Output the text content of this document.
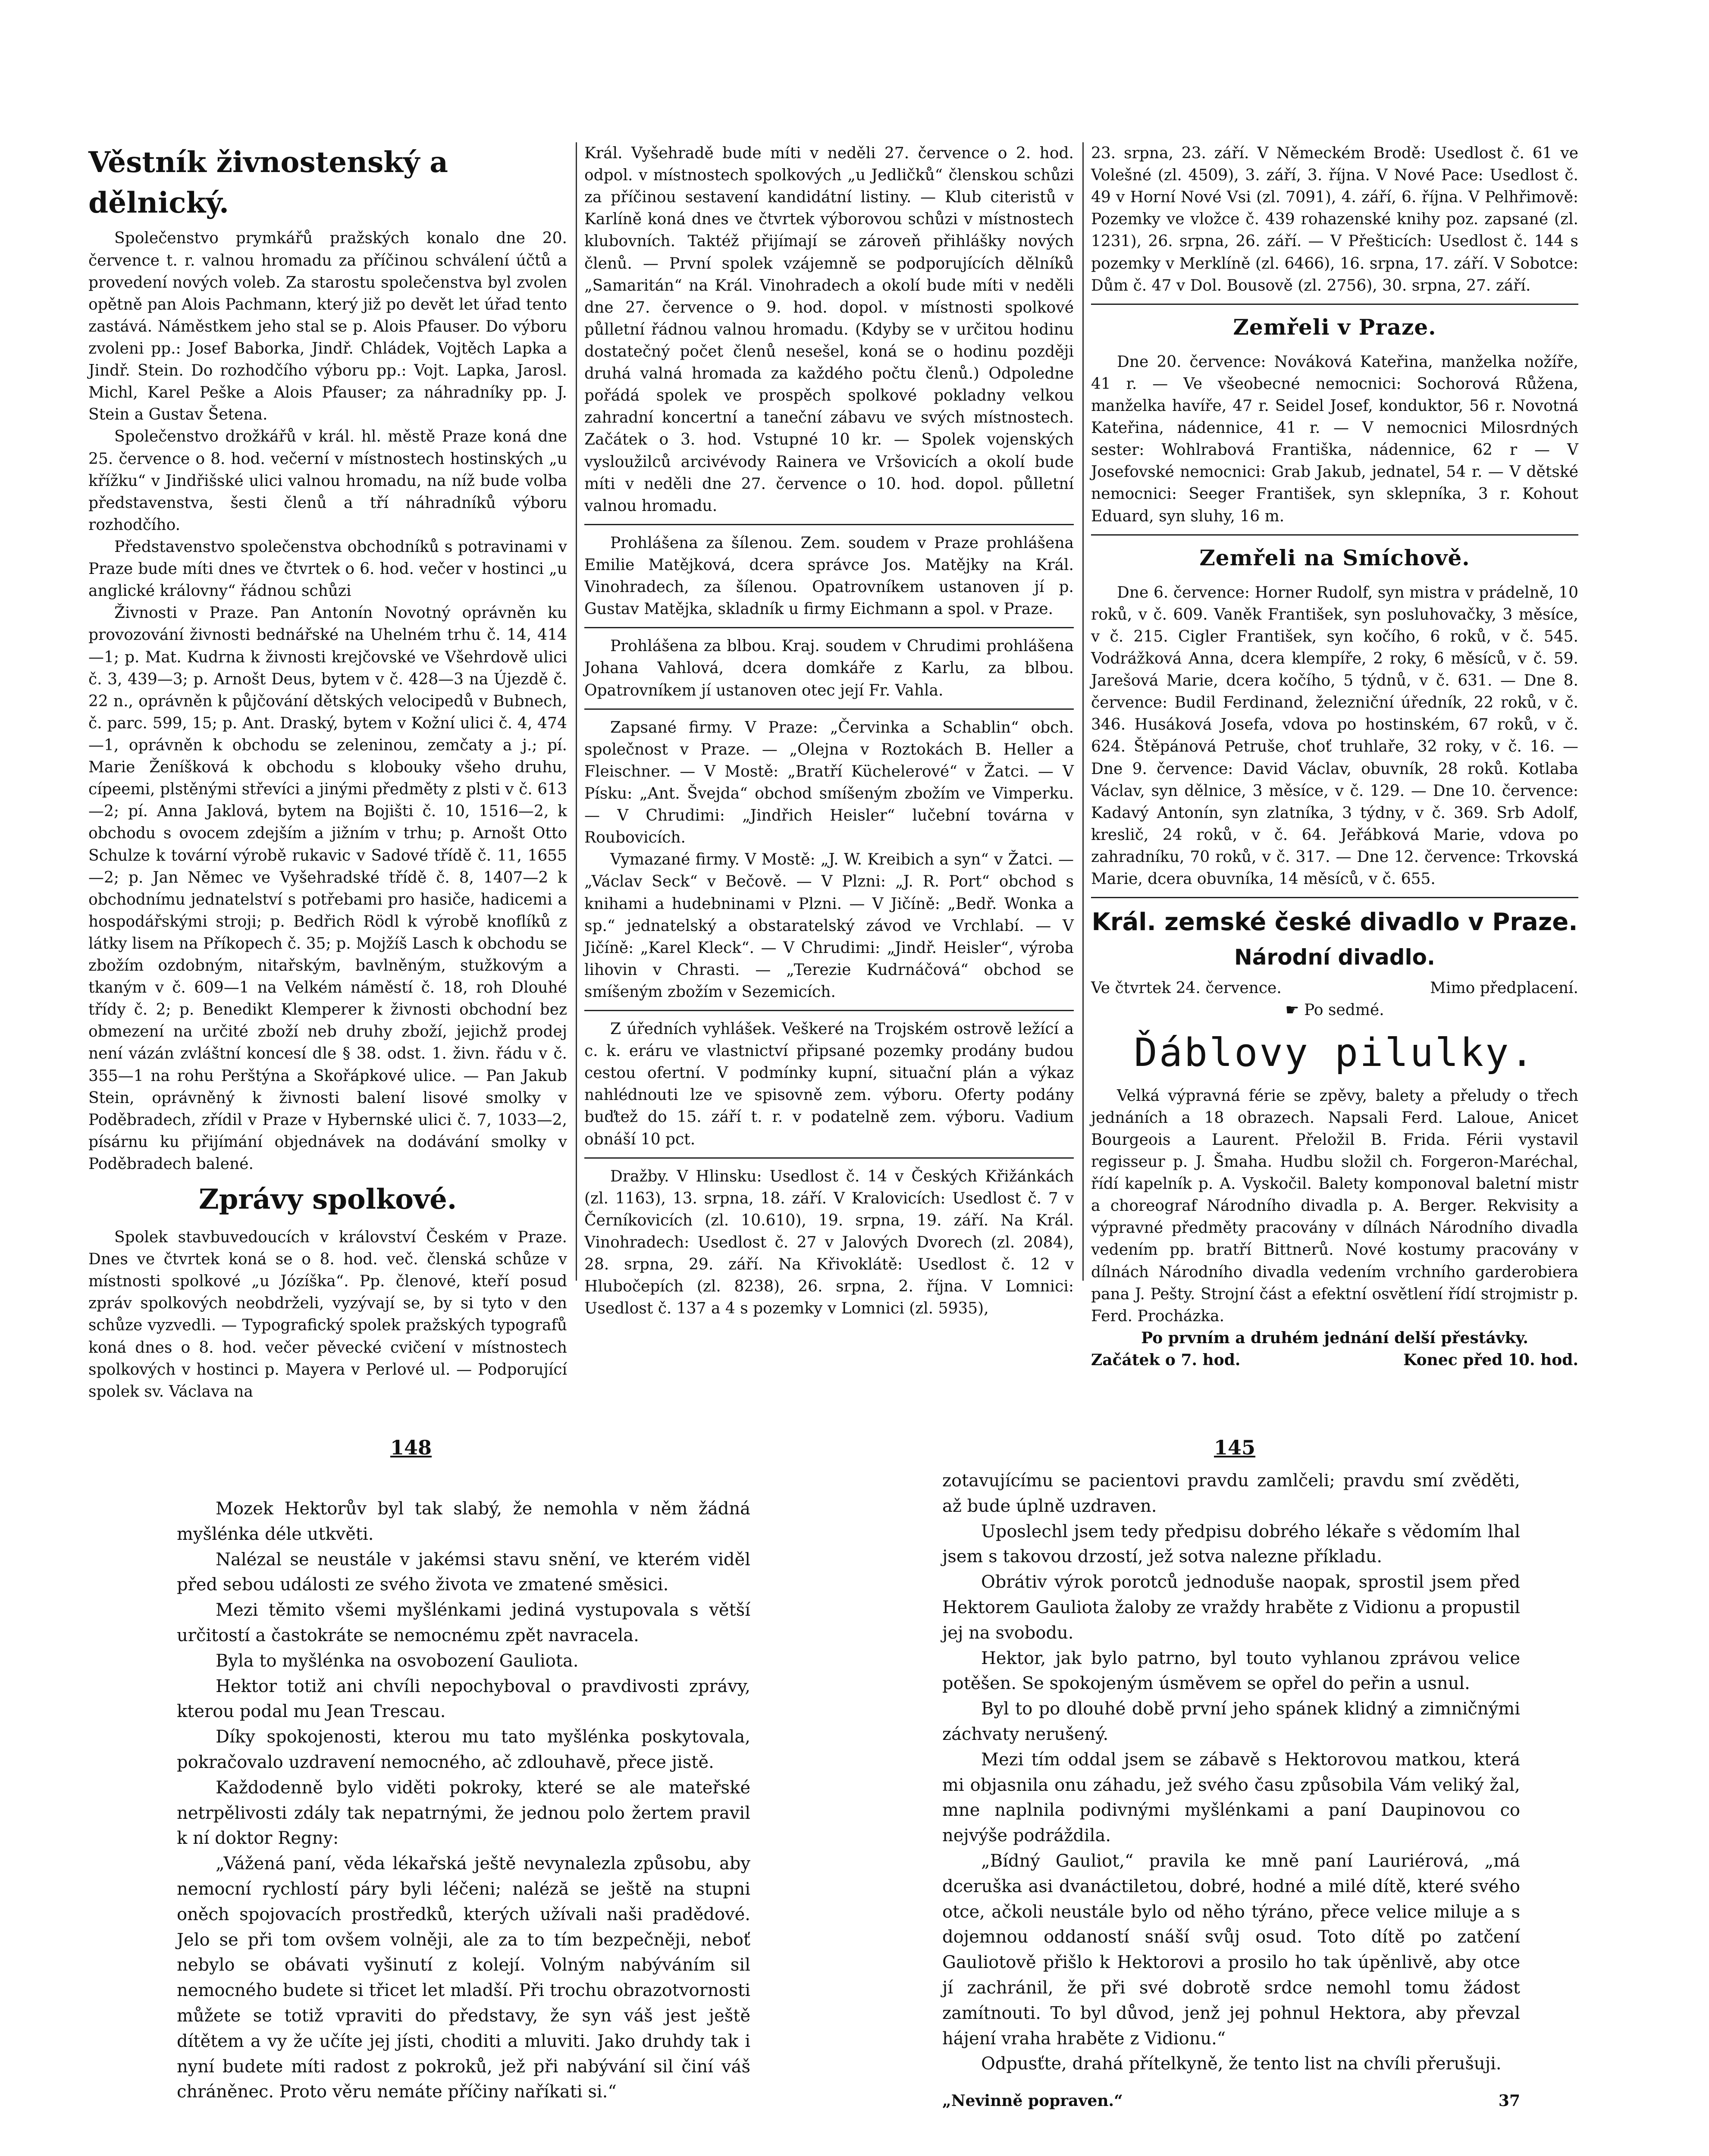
Věstník živnostenský a dělnický.

Společenstvo prymkářů pražských konalo dne 20. července t. r. valnou hromadu za příčinou schválení účtů a provedení nových voleb. Za starostu společenstva byl zvolen opětně pan Alois Pachmann, který již po devět let úřad tento zastává. Náměstkem jeho stal se p. Alois Pfauser. Do výboru zvoleni pp.: Josef Baborka, Jindř. Chládek, Vojtěch Lapka a Jindř. Stein. Do rozhodčího výboru pp.: Vojt. Lapka, Jarosl. Michl, Karel Peške a Alois Pfauser; za náhradníky pp. J. Stein a Gustav Šetena.

Společenstvo drožkářů v král. hl. městě Praze koná dne 25. července o 8. hod. večerní v místnostech hostinských „u křížku“ v Jindřišské ulici valnou hromadu, na níž bude volba představenstva, šesti členů a tří náhradníků výboru rozhodčího.

Představenstvo společenstva obchodníků s potravinami v Praze bude míti dnes ve čtvrtek o 6. hod. večer v hostinci „u anglické královny“ řádnou schůzi

Živnosti v Praze. Pan Antonín Novotný oprávněn ku provozování živnosti bednářské na Uhelném trhu č. 14, 414—1; p. Mat. Kudrna k živnosti krejčovské ve Všehrdově ulici č. 3, 439—3; p. Arnošt Deus, bytem v č. 428—3 na Újezdě č. 22 n., oprávněn k půjčování dětských velocipedů v Bubnech, č. parc. 599, 15; p. Ant. Draský, bytem v Kožní ulici č. 4, 474—1, oprávněn k obchodu se zeleninou, zemčaty a j.; pí. Marie Ženíšková k obchodu s klobouky všeho druhu, cípeemi, plstěnými střevíci a jinými předměty z plsti v č. 613—2; pí. Anna Jaklová, bytem na Bojišti č. 10, 1516—2, k obchodu s ovocem zdejším a jižním v trhu; p. Arnošt Otto Schulze k tovární výrobě rukavic v Sadové třídě č. 11, 1655—2; p. Jan Němec ve Vyšehradské třídě č. 8, 1407—2 k obchodnímu jednatelství s potřebami pro hasiče, hadicemi a hospodářskými stroji; p. Bedřich Rödl k výrobě knoflíků z látky lisem na Příkopech č. 35; p. Mojžíš Lasch k obchodu se zbožím ozdobným, nitařským, bavlněným, stužkovým a tkaným v č. 609—1 na Velkém náměstí č. 18, roh Dlouhé třídy č. 2; p. Benedikt Klemperer k živnosti obchodní bez obmezení na určité zboží neb druhy zboží, jejichž prodej není vázán zvláštní koncesí dle § 38. odst. 1. živn. řádu v č. 355—1 na rohu Perštýna a Skořápkové ulice. — Pan Jakub Stein, oprávněný k živnosti balení lisové smolky v Poděbradech, zřídil v Praze v Hybernské ulici č. 7, 1033—2, písárnu ku přijímání objednávek na dodávání smolky v Poděbradech balené.

Zprávy spolkové.

Spolek stavbuvedoucích v království Českém v Praze. Dnes ve čtvrtek koná se o 8. hod. več. členská schůze v místnosti spolkové „u Józíška“. Pp. členové, kteří posud zpráv spolkových neobdrželi, vyzývají se, by si tyto v den schůze vyzvedli. — Typografický spolek pražských typografů koná dnes o 8. hod. večer pěvecké cvičení v místnostech spolkových v hostinci p. Mayera v Perlové ul. — Podporující spolek sv. Václava na

Král. Vyšehradě bude míti v neděli 27. července o 2. hod. odpol. v místnostech spolkových „u Jedličků“ členskou schůzi za příčinou sestavení kandidátní listiny. — Klub citeristů v Karlíně koná dnes ve čtvrtek výborovou schůzi v místnostech klubovních. Taktéž přijímají se zároveň přihlášky nových členů. — První spolek vzájemně se podporujících dělníků „Samaritán“ na Král. Vinohradech a okolí bude míti v neděli dne 27. července o 9. hod. dopol. v místnosti spolkové půlletní řádnou valnou hromadu. (Kdyby se v určitou hodinu dostatečný počet členů nesešel, koná se o hodinu později druhá valná hromada za každého počtu členů.) Odpoledne pořádá spolek ve prospěch spolkové pokladny velkou zahradní koncertní a taneční zábavu ve svých místnostech. Začátek o 3. hod. Vstupné 10 kr. — Spolek vojenských vysloužilců arcivévody Rainera ve Vršovicích a okolí bude míti v neděli dne 27. července o 10. hod. dopol. půlletní valnou hromadu.

Prohlášena za šílenou. Zem. soudem v Praze prohlášena Emilie Matějková, dcera správce Jos. Matějky na Král. Vinohradech, za šílenou. Opatrovníkem ustanoven jí p. Gustav Matějka, skladník u firmy Eichmann a spol. v Praze.

Prohlášena za blbou. Kraj. soudem v Chrudimi prohlášena Johana Vahlová, dcera domkáře z Karlu, za blbou. Opatrovníkem jí ustanoven otec její Fr. Vahla.

Zapsané firmy. V Praze: „Červinka a Schablin“ obch. společnost v Praze. — „Olejna v Roztokách B. Heller a Fleischner. — V Mostě: „Bratří Küchelerové“ v Žatci. — V Písku: „Ant. Švejda“ obchod smíšeným zbožím ve Vimperku. — V Chrudimi: „Jindřich Heisler“ lučební továrna v Roubovicích.

Vymazané firmy. V Mostě: „J. W. Kreibich a syn“ v Žatci. — „Václav Seck“ v Bečově. — V Plzni: „J. R. Port“ obchod s knihami a hudebninami v Plzni. — V Jičíně: „Bedř. Wonka a sp.“ jednatelský a obstaratelský závod ve Vrchlabí. — V Jičíně: „Karel Kleck“. — V Chrudimi: „Jindř. Heisler“, výroba lihovin v Chrasti. — „Terezie Kudrnáčová“ obchod se smíšeným zbožím v Sezemicích.

Z úředních vyhlášek. Veškeré na Trojském ostrově ležící a c. k. eráru ve vlastnictví připsané pozemky prodány budou cestou ofertní. V podmínky kupní, situační plán a výkaz nahlédnouti lze ve spisovně zem. výboru. Oferty podány buďtež do 15. září t. r. v podatelně zem. výboru. Vadium obnáší 10 pct.

Dražby. V Hlinsku: Usedlost č. 14 v Českých Křižánkách (zl. 1163), 13. srpna, 18. září. V Kralovicích: Usedlost č. 7 v Černíkovicích (zl. 10.610), 19. srpna, 19. září. Na Král. Vinohradech: Usedlost č. 27 v Jalových Dvorech (zl. 2084), 28. srpna, 29. září. Na Křivoklátě: Usedlost č. 12 v Hlubočepích (zl. 8238), 26. srpna, 2. října. V Lomnici: Usedlost č. 137 a 4 s pozemky v Lomnici (zl. 5935),

23. srpna, 23. září. V Německém Brodě: Usedlost č. 61 ve Volešné (zl. 4509), 3. září, 3. října. V Nové Pace: Usedlost č. 49 v Horní Nové Vsi (zl. 7091), 4. září, 6. října. V Pelhřimově: Pozemky ve vložce č. 439 rohazenské knihy poz. zapsané (zl. 1231), 26. srpna, 26. září. — V Přešticích: Usedlost č. 144 s pozemky v Merklíně (zl. 6466), 16. srpna, 17. září. V Sobotce: Dům č. 47 v Dol. Bousově (zl. 2756), 30. srpna, 27. září.

Zemřeli v Praze.

Dne 20. července: Nováková Kateřina, manželka nožíře, 41 r. — Ve všeobecné nemocnici: Sochorová Růžena, manželka havíře, 47 r. Seidel Josef, konduktor, 56 r. Novotná Kateřina, nádennice, 41 r. — V nemocnici Milosrdných sester: Wohlrabová Františka, nádennice, 62 r — V Josefovské nemocnici: Grab Jakub, jednatel, 54 r. — V dětské nemocnici: Seeger František, syn sklepníka, 3 r. Kohout Eduard, syn sluhy, 16 m.

Zemřeli na Smíchově.

Dne 6. července: Horner Rudolf, syn mistra v prádelně, 10 roků, v č. 609. Vaněk František, syn posluhovačky, 3 měsíce, v č. 215. Cigler František, syn kočího, 6 roků, v č. 545. Vodrážková Anna, dcera klempíře, 2 roky, 6 měsíců, v č. 59. Jarešová Marie, dcera kočího, 5 týdnů, v č. 631. — Dne 8. července: Budil Ferdinand, železniční úředník, 22 roků, v č. 346. Husáková Josefa, vdova po hostinském, 67 roků, v č. 624. Štěpánová Petruše, choť truhlaře, 32 roky, v č. 16. — Dne 9. července: David Václav, obuvník, 28 roků. Kotlaba Václav, syn dělnice, 3 měsíce, v č. 129. — Dne 10. července: Kadavý Antonín, syn zlatníka, 3 týdny, v č. 369. Srb Adolf, kreslič, 24 roků, v č. 64. Jeřábková Marie, vdova po zahradníku, 70 roků, v č. 317. — Dne 12. července: Trkovská Marie, dcera obuvníka, 14 měsíců, v č. 655.

Král. zemské české divadlo v Praze.
Národní divadlo.
Ve čtvrtek 24. července.	Mimo předplacení.
☛ Po sedmé.
Ďáblovy pilulky.

Velká výpravná férie se zpěvy, balety a přeludy o třech jednáních a 18 obrazech. Napsali Ferd. Laloue, Anicet Bourgeois a Laurent. Přeložil B. Frida. Férii vystavil regisseur p. J. Šmaha. Hudbu složil ch. Forgeron-Maréchal, řídí kapelník p. A. Vyskočil. Balety komponoval baletní mistr a choreograf Národního divadla p. A. Berger. Rekvisity a výpravné předměty pracovány v dílnách Národního divadla vedením pp. bratří Bittnerů. Nové kostumy pracovány v dílnách Národního divadla vedením vrchního garderobiera pana J. Pešty. Strojní část a efektní osvětlení řídí strojmistr p. Ferd. Procházka.

Po prvním a druhém jednání delší přestávky.

Začátek o 7. hod.	Konec před 10. hod.
148	145

Mozek Hektorův byl tak slabý, že nemohla v něm žádná myšlénka déle utkvěti.

Nalézal se neustále v jakémsi stavu snění, ve kterém viděl před sebou události ze svého života ve zmatené směsici.

Mezi těmito všemi myšlénkami jediná vystupovala s větší určitostí a častokráte se nemocnému zpět navracela.

Byla to myšlénka na osvobození Gauliota.

Hektor totiž ani chvíli nepochyboval o pravdivosti zprávy, kterou podal mu Jean Trescau.

Díky spokojenosti, kterou mu tato myšlénka poskytovala, pokračovalo uzdravení nemocného, ač zdlouhavě, přece jistě.

Každodenně bylo viděti pokroky, které se ale mateřské netrpělivosti zdály tak nepatrnými, že jednou polo žertem pravil k ní doktor Regny:

„Vážená paní, věda lékařská ještě nevynalezla způsobu, aby nemocní rychlostí páry byli léčeni; naléză se ještě na stupni oněch spojovacích prostředků, kterých užívali naši pradědové. Jelo se při tom ovšem volněji, ale za to tím bezpečněji, neboť nebylo se obávati vyšinutí z kolejí. Volným nabýváním sil nemocného budete si třicet let mladší. Při trochu obrazotvornosti můžete se totiž vpraviti do představy, že syn váš jest ještě dítětem a vy že učíte jej jísti, choditi a mluviti. Jako druhdy tak i nyní budete míti radost z pokroků, jež při nabývání sil činí váš chráněnec. Proto věru nemáte příčiny naříkati si.“

zotavujícímu se pacientovi pravdu zamlčeli; pravdu smí zvěděti, až bude úplně uzdraven.

Uposlechl jsem tedy předpisu dobrého lékaře s vědomím lhal jsem s takovou drzostí, jež sotva nalezne příkladu.

Obrátiv výrok porotců jednoduše naopak, sprostil jsem před Hektorem Gauliota žaloby ze vraždy hraběte z Vidionu a propustil jej na svobodu.

Hektor, jak bylo patrno, byl touto vyhlanou zprávou velice potěšen. Se spokojeným úsměvem se opřel do peřin a usnul.

Byl to po dlouhé době první jeho spánek klidný a zimničnými záchvaty nerušený.

Mezi tím oddal jsem se zábavě s Hektorovou matkou, která mi objasnila onu záhadu, jež svého času způsobila Vám veliký žal, mne naplnila podivnými myšlénkami a paní Daupinovou co nejvýše podráždila.

„Bídný Gauliot,“ pravila ke mně paní Lauriérová, „má dceruška asi dvanáctiletou, dobré, hodné a milé dítě, které svého otce, ačkoli neustále bylo od něho týráno, přece velice miluje a s dojemnou oddaností snáší svůj osud. Toto dítě po zatčení Gauliotově přišlo k Hektorovi a prosilo ho tak úpěnlivě, aby otce jí zachránil, že při své dobrotě srdce nemohl tomu žádost zamítnouti. To byl důvod, jenž jej pohnul Hektora, aby převzal hájení vraha hraběte z Vidionu.“

Odpusťte, drahá přítelkyně, že tento list na chvíli přerušuji.

„Nevinně popraven.“	37
